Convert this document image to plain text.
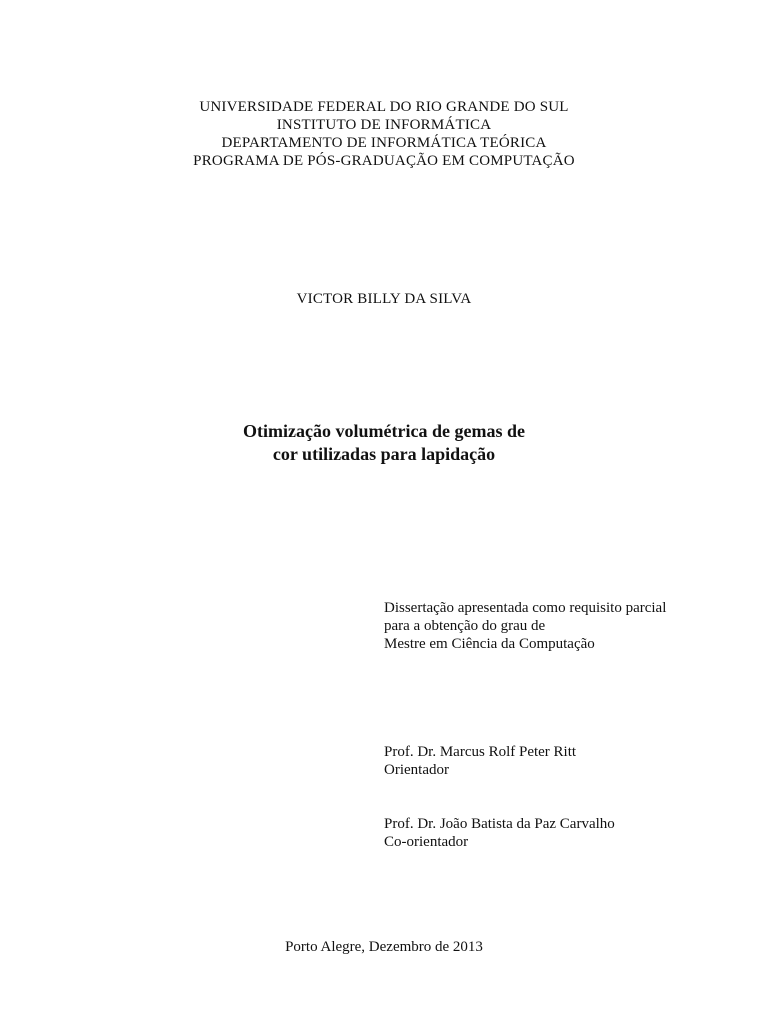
UNIVERSIDADE FEDERAL DO RIO GRANDE DO SUL
INSTITUTO DE INFORMÁTICA
DEPARTAMENTO DE INFORMÁTICA TEÓRICA
PROGRAMA DE PÓS-GRADUAÇÃO EM COMPUTAÇÃO
VICTOR BILLY DA SILVA
Otimização volumétrica de gemas de
cor utilizadas para lapidação
Dissertação apresentada como requisito parcial
para a obtenção do grau de
Mestre em Ciência da Computação
Prof. Dr. Marcus Rolf Peter Ritt
Orientador
Prof. Dr. João Batista da Paz Carvalho
Co-orientador
Porto Alegre, Dezembro de 2013
